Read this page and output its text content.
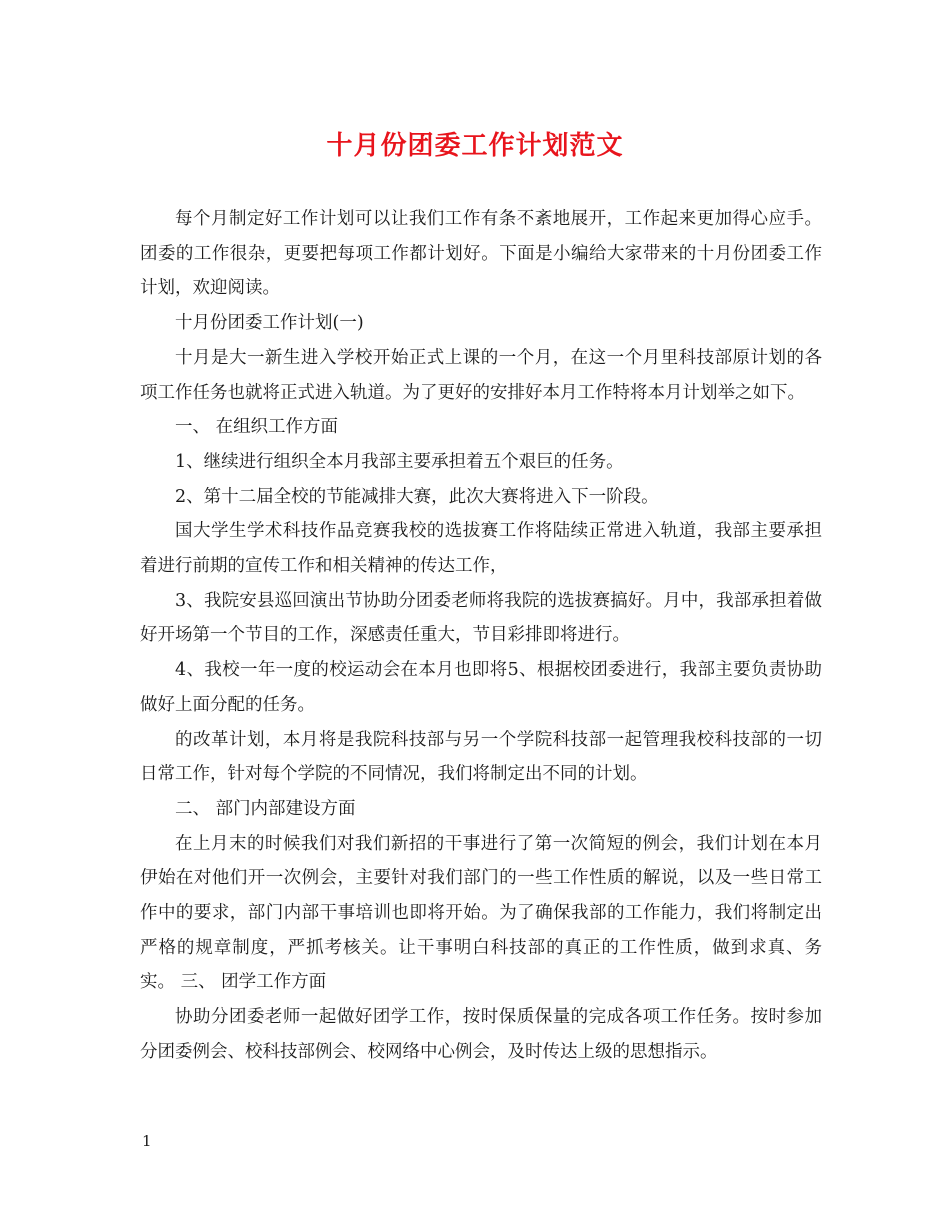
十月份团委工作计划范文

每个月制定好工作计划可以让我们工作有条不紊地展开，工作起来更加得心应手。团委的工作很杂，更要把每项工作都计划好。下面是小编给大家带来的十月份团委工作计划，欢迎阅读。

十月份团委工作计划(一)

十月是大一新生进入学校开始正式上课的一个月，在这一个月里科技部原计划的各项工作任务也就将正式进入轨道。为了更好的安排好本月工作特将本月计划举之如下。

一、 在组织工作方面

1、继续进行组织全本月我部主要承担着五个艰巨的任务。

2、第十二届全校的节能减排大赛，此次大赛将进入下一阶段。

国大学生学术科技作品竞赛我校的选拔赛工作将陆续正常进入轨道，我部主要承担着进行前期的宣传工作和相关精神的传达工作，

3、我院安县巡回演出节协助分团委老师将我院的选拔赛搞好。月中，我部承担着做好开场第一个节目的工作，深感责任重大，节目彩排即将进行。

4、我校一年一度的校运动会在本月也即将5、根据校团委进行，我部主要负责协助做好上面分配的任务。

的改革计划，本月将是我院科技部与另一个学院科技部一起管理我校科技部的一切日常工作，针对每个学院的不同情况，我们将制定出不同的计划。

二、 部门内部建设方面

在上月末的时候我们对我们新招的干事进行了第一次简短的例会，我们计划在本月伊始在对他们开一次例会，主要针对我们部门的一些工作性质的解说，以及一些日常工作中的要求，部门内部干事培训也即将开始。为了确保我部的工作能力，我们将制定出严格的规章制度，严抓考核关。让干事明白科技部的真正的工作性质，做到求真、务实。 三、 团学工作方面

协助分团委老师一起做好团学工作，按时保质保量的完成各项工作任务。按时参加分团委例会、校科技部例会、校网络中心例会，及时传达上级的思想指示。

1
